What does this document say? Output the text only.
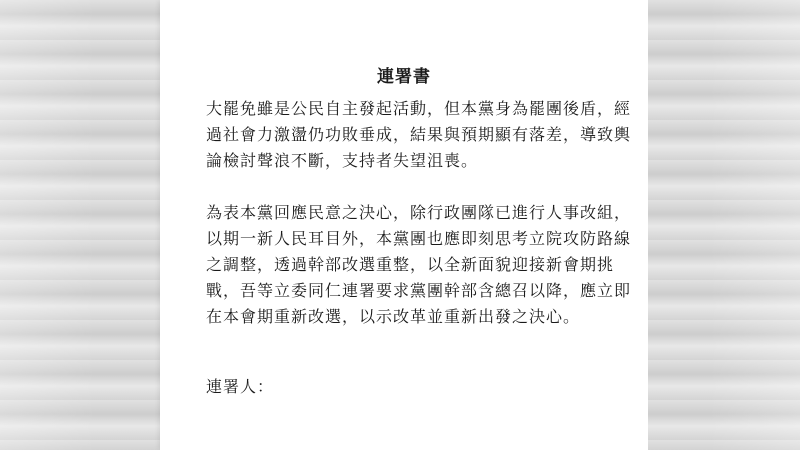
連署書
大罷免雖是公民自主發起活動，但本黨身為罷團後盾，經
過社會力激盪仍功敗垂成，結果與預期顯有落差，導致輿
論檢討聲浪不斷，支持者失望沮喪。
為表本黨回應民意之決心，除行政團隊已進行人事改組，
以期一新人民耳目外，本黨團也應即刻思考立院攻防路線
之調整，透過幹部改選重整，以全新面貌迎接新會期挑
戰，吾等立委同仁連署要求黨團幹部含總召以降，應立即
在本會期重新改選，以示改革並重新出發之決心。
連署人：
